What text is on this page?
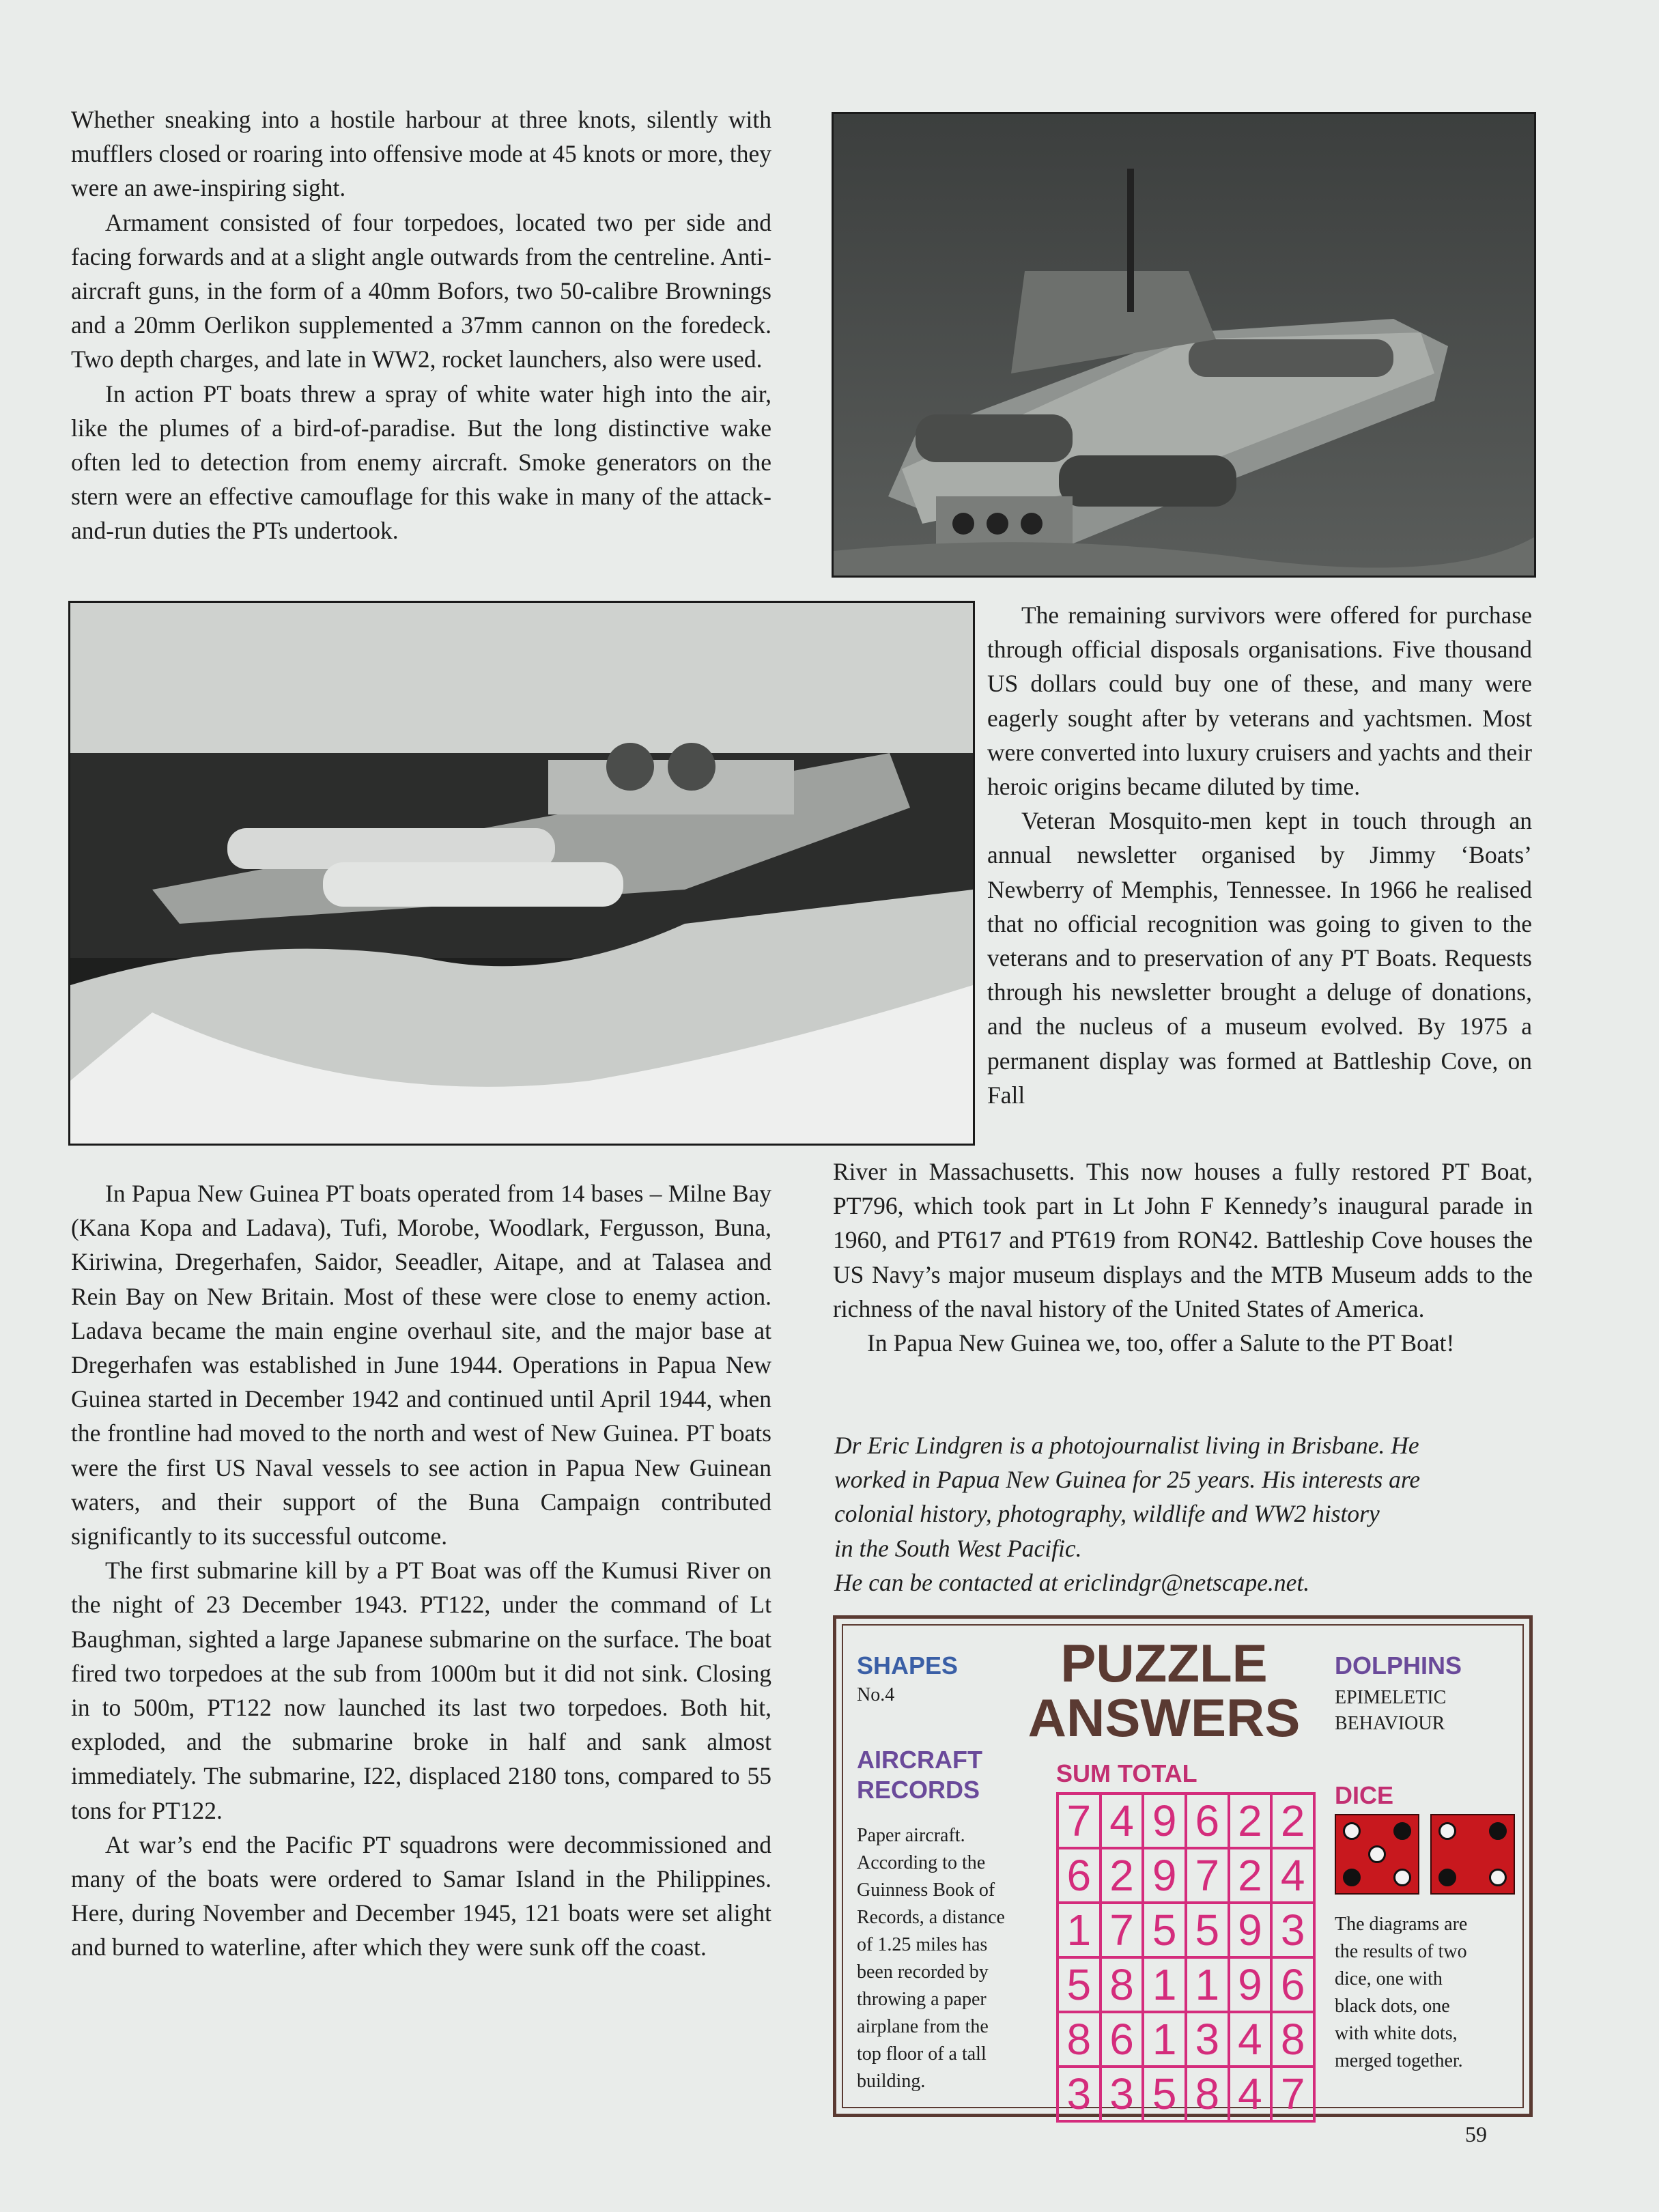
Whether sneaking into a hostile harbour at three knots, silently with mufflers closed or roaring into offensive mode at 45 knots or more, they were an awe-inspiring sight.

Armament consisted of four torpedoes, located two per side and facing forwards and at a slight angle outwards from the centreline. Anti-aircraft guns, in the form of a 40mm Bofors, two 50-calibre Brownings and a 20mm Oerlikon supplemented a 37mm cannon on the foredeck. Two depth charges, and late in WW2, rocket launchers, also were used.

In action PT boats threw a spray of white water high into the air, like the plumes of a bird-of-paradise. But the long distinctive wake often led to detection from enemy aircraft. Smoke generators on the stern were an effective camouflage for this wake in many of the attack-and-run duties the PTs undertook.

The remaining survivors were offered for purchase through official disposals organisations. Five thousand US dollars could buy one of these, and many were eagerly sought after by veterans and yachtsmen. Most were converted into luxury cruisers and yachts and their heroic origins became diluted by time.

Veteran Mosquito-men kept in touch through an annual newsletter organised by Jimmy ‘Boats’ Newberry of Memphis, Tennessee. In 1966 he realised that no official recognition was going to given to the veterans and to preservation of any PT Boats. Requests through his newsletter brought a deluge of donations, and the nucleus of a museum evolved. By 1975 a permanent display was formed at Battleship Cove, on Fall

River in Massachusetts. This now houses a fully restored PT Boat, PT796, which took part in Lt John F Kennedy’s inaugural parade in 1960, and PT617 and PT619 from RON42. Battleship Cove houses the US Navy’s major museum displays and the MTB Museum adds to the richness of the naval history of the United States of America.

In Papua New Guinea we, too, offer a Salute to the PT Boat!

In Papua New Guinea PT boats operated from 14 bases – Milne Bay (Kana Kopa and Ladava), Tufi, Morobe, Woodlark, Fergusson, Buna, Kiriwina, Dregerhafen, Saidor, Seeadler, Aitape, and at Talasea and Rein Bay on New Britain. Most of these were close to enemy action. Ladava became the main engine overhaul site, and the major base at Dregerhafen was established in June 1944. Operations in Papua New Guinea started in December 1942 and continued until April 1944, when the frontline had moved to the north and west of New Guinea. PT boats were the first US Naval vessels to see action in Papua New Guinean waters, and their support of the Buna Campaign contributed significantly to its successful outcome.

The first submarine kill by a PT Boat was off the Kumusi River on the night of 23 December 1943. PT122, under the command of Lt Baughman, sighted a large Japanese submarine on the surface. The boat fired two torpedoes at the sub from 1000m but it did not sink. Closing in to 500m, PT122 now launched its last two torpedoes. Both hit, exploded, and the submarine broke in half and sank almost immediately. The submarine, I22, displaced 2180 tons, compared to 55 tons for PT122.

At war’s end the Pacific PT squadrons were decommissioned and many of the boats were ordered to Samar Island in the Philippines. Here, during November and December 1945, 121 boats were set alight and burned to waterline, after which they were sunk off the coast.

Dr Eric Lindgren is a photojournalist living in Brisbane. He
worked in Papua New Guinea for 25 years. His interests are
colonial history, photography, wildlife and WW2 history
in the South West Pacific.
He can be contacted at ericlindgr@netscape.net.
SHAPES
No.4
PUZZLE
ANSWERS
DOLPHINS
EPIMELETIC
BEHAVIOUR
AIRCRAFT
RECORDS
Paper aircraft.
According to the
Guinness Book of
Records, a distance
of 1.25 miles has
been recorded by
throwing a paper
airplane from the
top floor of a tall
building.
SUM TOTAL
7	4	9	6	2	2
6	2	9	7	2	4
1	7	5	5	9	3
5	8	1	1	9	6
8	6	1	3	4	8
3	3	5	8	4	7
DICE
The diagrams are
the results of two
dice, one with
black dots, one
with white dots,
merged together.
59
